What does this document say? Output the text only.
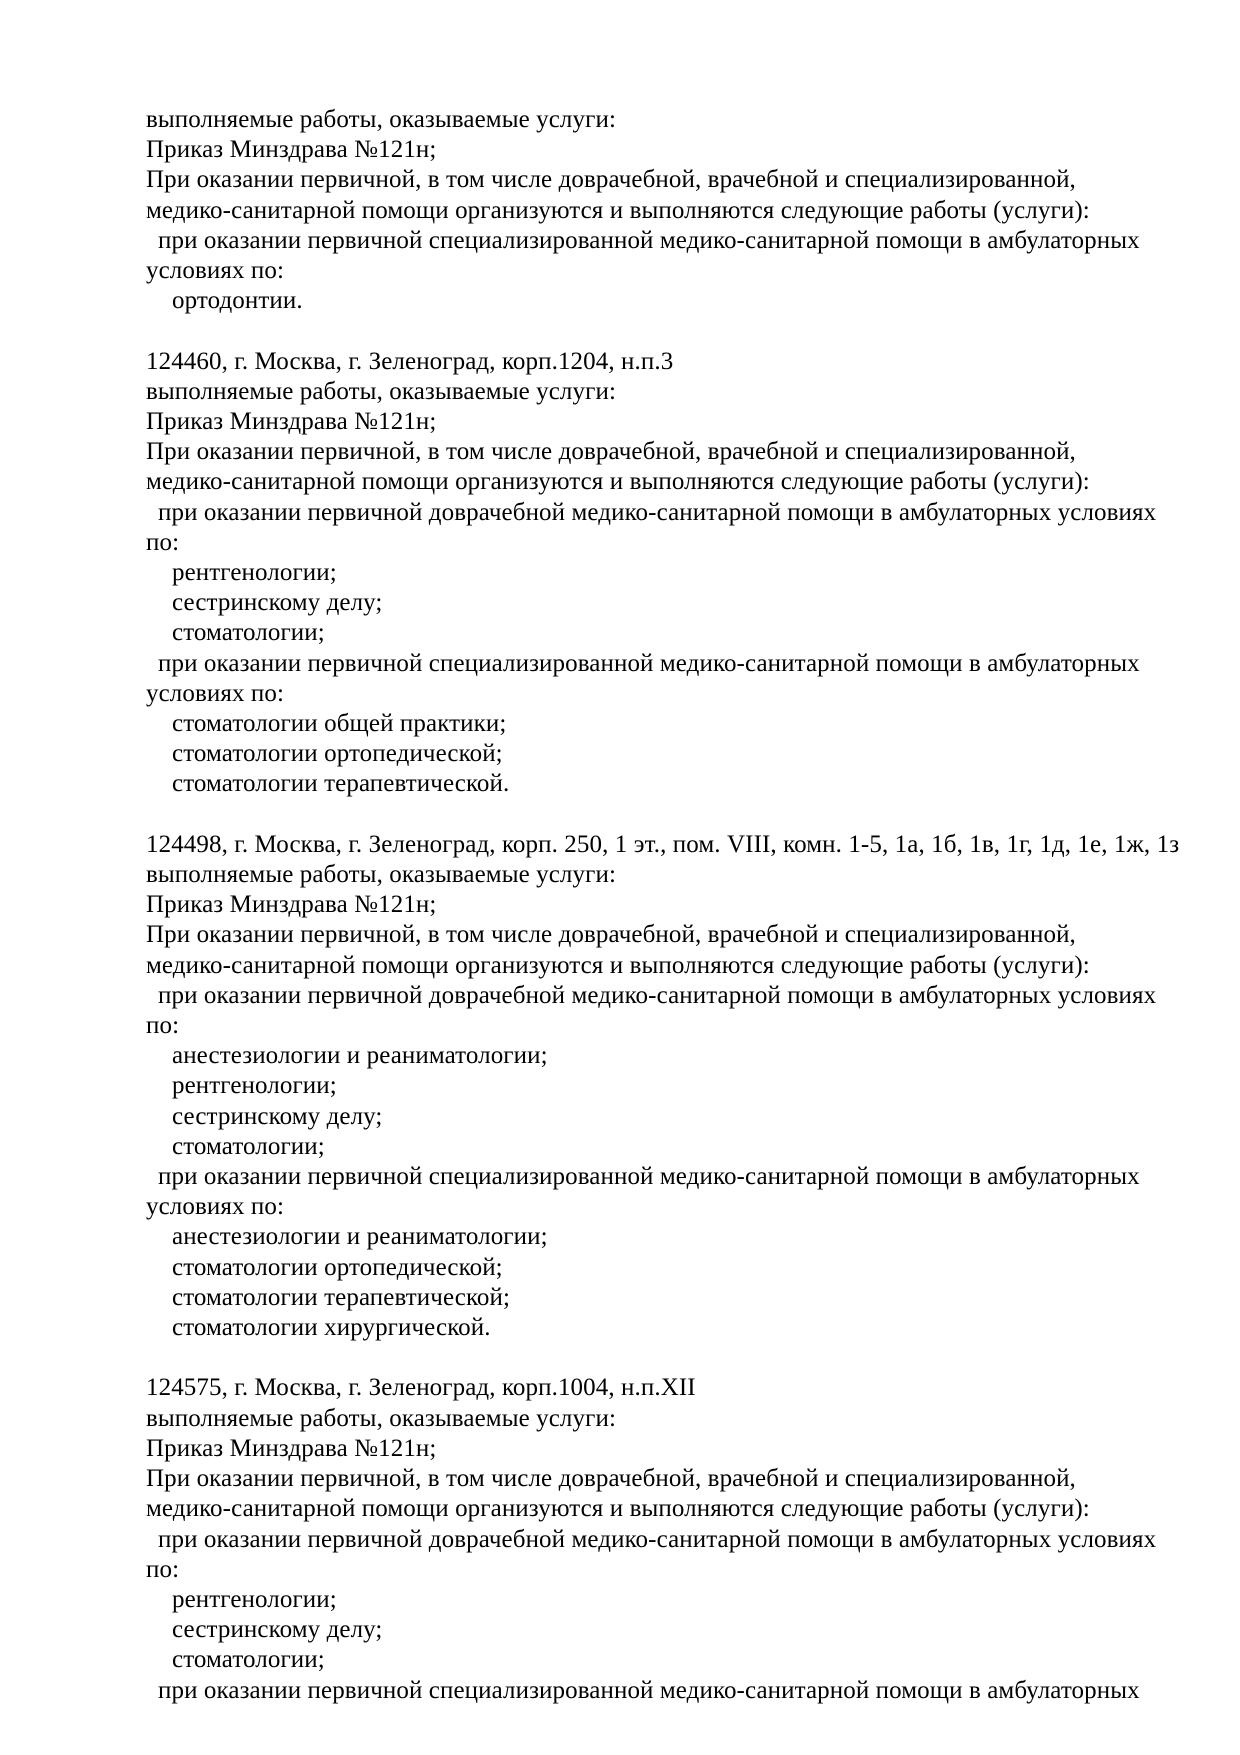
выполняемые работы, оказываемые услуги:
Приказ Минздрава №121н;
При оказании первичной, в том числе доврачебной, врачебной и специализированной,
медико-санитарной помощи организуются и выполняются следующие работы (услуги):
при оказании первичной специализированной медико-санитарной помощи в амбулаторных
условиях по:
ортодонтии.
124460, г. Москва, г. Зеленоград, корп.1204, н.п.3
выполняемые работы, оказываемые услуги:
Приказ Минздрава №121н;
При оказании первичной, в том числе доврачебной, врачебной и специализированной,
медико-санитарной помощи организуются и выполняются следующие работы (услуги):
при оказании первичной доврачебной медико-санитарной помощи в амбулаторных условиях
по:
рентгенологии;
сестринскому делу;
стоматологии;
при оказании первичной специализированной медико-санитарной помощи в амбулаторных
условиях по:
стоматологии общей практики;
стоматологии ортопедической;
стоматологии терапевтической.
124498, г. Москва, г. Зеленоград, корп. 250, 1 эт., пом. VIII, комн. 1-5, 1а, 1б, 1в, 1г, 1д, 1е, 1ж, 1з
выполняемые работы, оказываемые услуги:
Приказ Минздрава №121н;
При оказании первичной, в том числе доврачебной, врачебной и специализированной,
медико-санитарной помощи организуются и выполняются следующие работы (услуги):
при оказании первичной доврачебной медико-санитарной помощи в амбулаторных условиях
по:
анестезиологии и реаниматологии;
рентгенологии;
сестринскому делу;
стоматологии;
при оказании первичной специализированной медико-санитарной помощи в амбулаторных
условиях по:
анестезиологии и реаниматологии;
стоматологии ортопедической;
стоматологии терапевтической;
стоматологии хирургической.
124575, г. Москва, г. Зеленоград, корп.1004, н.п.XII
выполняемые работы, оказываемые услуги:
Приказ Минздрава №121н;
При оказании первичной, в том числе доврачебной, врачебной и специализированной,
медико-санитарной помощи организуются и выполняются следующие работы (услуги):
при оказании первичной доврачебной медико-санитарной помощи в амбулаторных условиях
по:
рентгенологии;
сестринскому делу;
стоматологии;
при оказании первичной специализированной медико-санитарной помощи в амбулаторных
